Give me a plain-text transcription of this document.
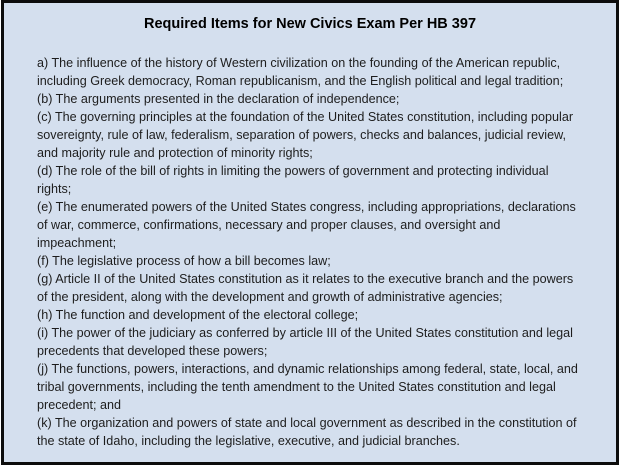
Required Items for New Civics Exam Per HB 397

a) The influence of the history of Western civilization on the founding of the American republic,
including Greek democracy, Roman republicanism, and the English political and legal tradition;

(b) The arguments presented in the declaration of independence;

(c) The governing principles at the foundation of the United States constitution, including popular
sovereignty, rule of law, federalism, separation of powers, checks and balances, judicial review,
and majority rule and protection of minority rights;

(d) The role of the bill of rights in limiting the powers of government and protecting individual
rights;

(e) The enumerated powers of the United States congress, including appropriations, declarations
of war, commerce, confirmations, necessary and proper clauses, and oversight and
impeachment;

(f) The legislative process of how a bill becomes law;

(g) Article II of the United States constitution as it relates to the executive branch and the powers
of the president, along with the development and growth of administrative agencies;

(h) The function and development of the electoral college;

(i) The power of the judiciary as conferred by article III of the United States constitution and legal
precedents that developed these powers;

(j) The functions, powers, interactions, and dynamic relationships among federal, state, local, and
tribal governments, including the tenth amendment to the United States constitution and legal
precedent; and

(k) The organization and powers of state and local government as described in the constitution of
the state of Idaho, including the legislative, executive, and judicial branches.
